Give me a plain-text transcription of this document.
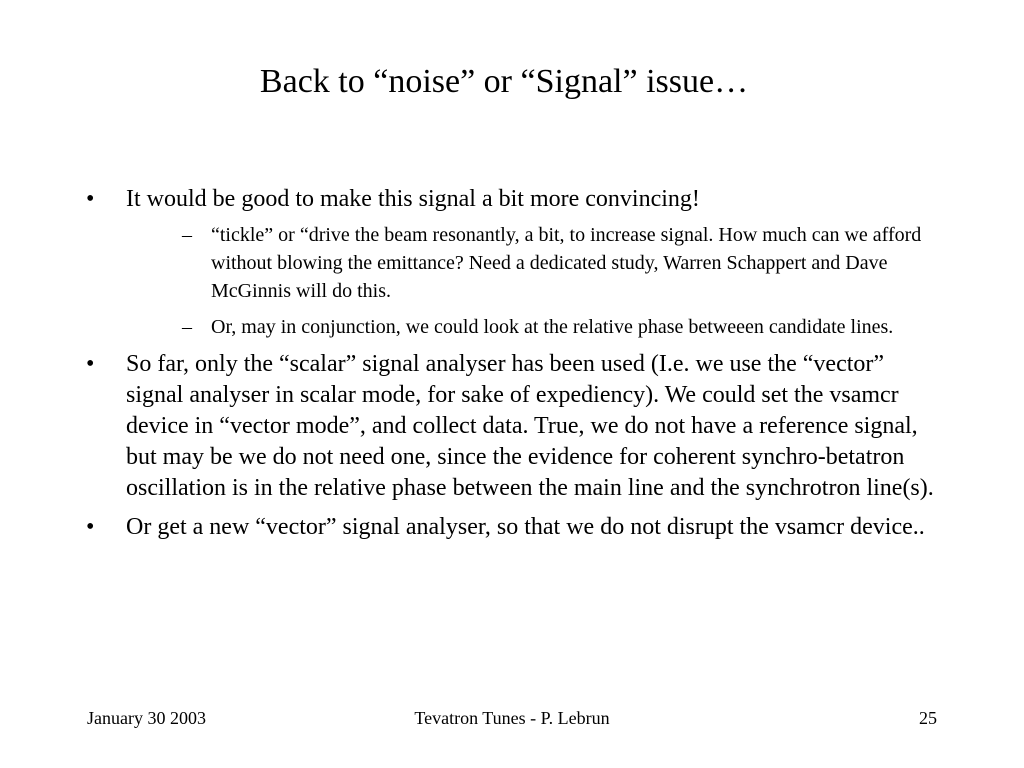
Back to “noise” or “Signal” issue…
• It would be good to make this signal a bit more convincing!
– “tickle” or “drive the beam resonantly, a bit, to increase signal. How much can we afford without blowing the emittance? Need a dedicated study, Warren Schappert and Dave McGinnis will do this.
– Or, may in conjunction, we could look at the relative phase betweeen candidate lines.
• So far, only the “scalar” signal analyser has been used (I.e. we use the “vector” signal analyser in scalar mode, for sake of expediency). We could set the vsamcr device in “vector mode”, and collect data. True, we do not have a reference signal, but may be we do not need one, since the evidence for coherent synchro-betatron oscillation is in the relative phase between the main line and the synchrotron line(s).
• Or get a new “vector” signal analyser, so that we do not disrupt the vsamcr device..
Tevatron Tunes - P. Lebrun
January 30 2003	25
